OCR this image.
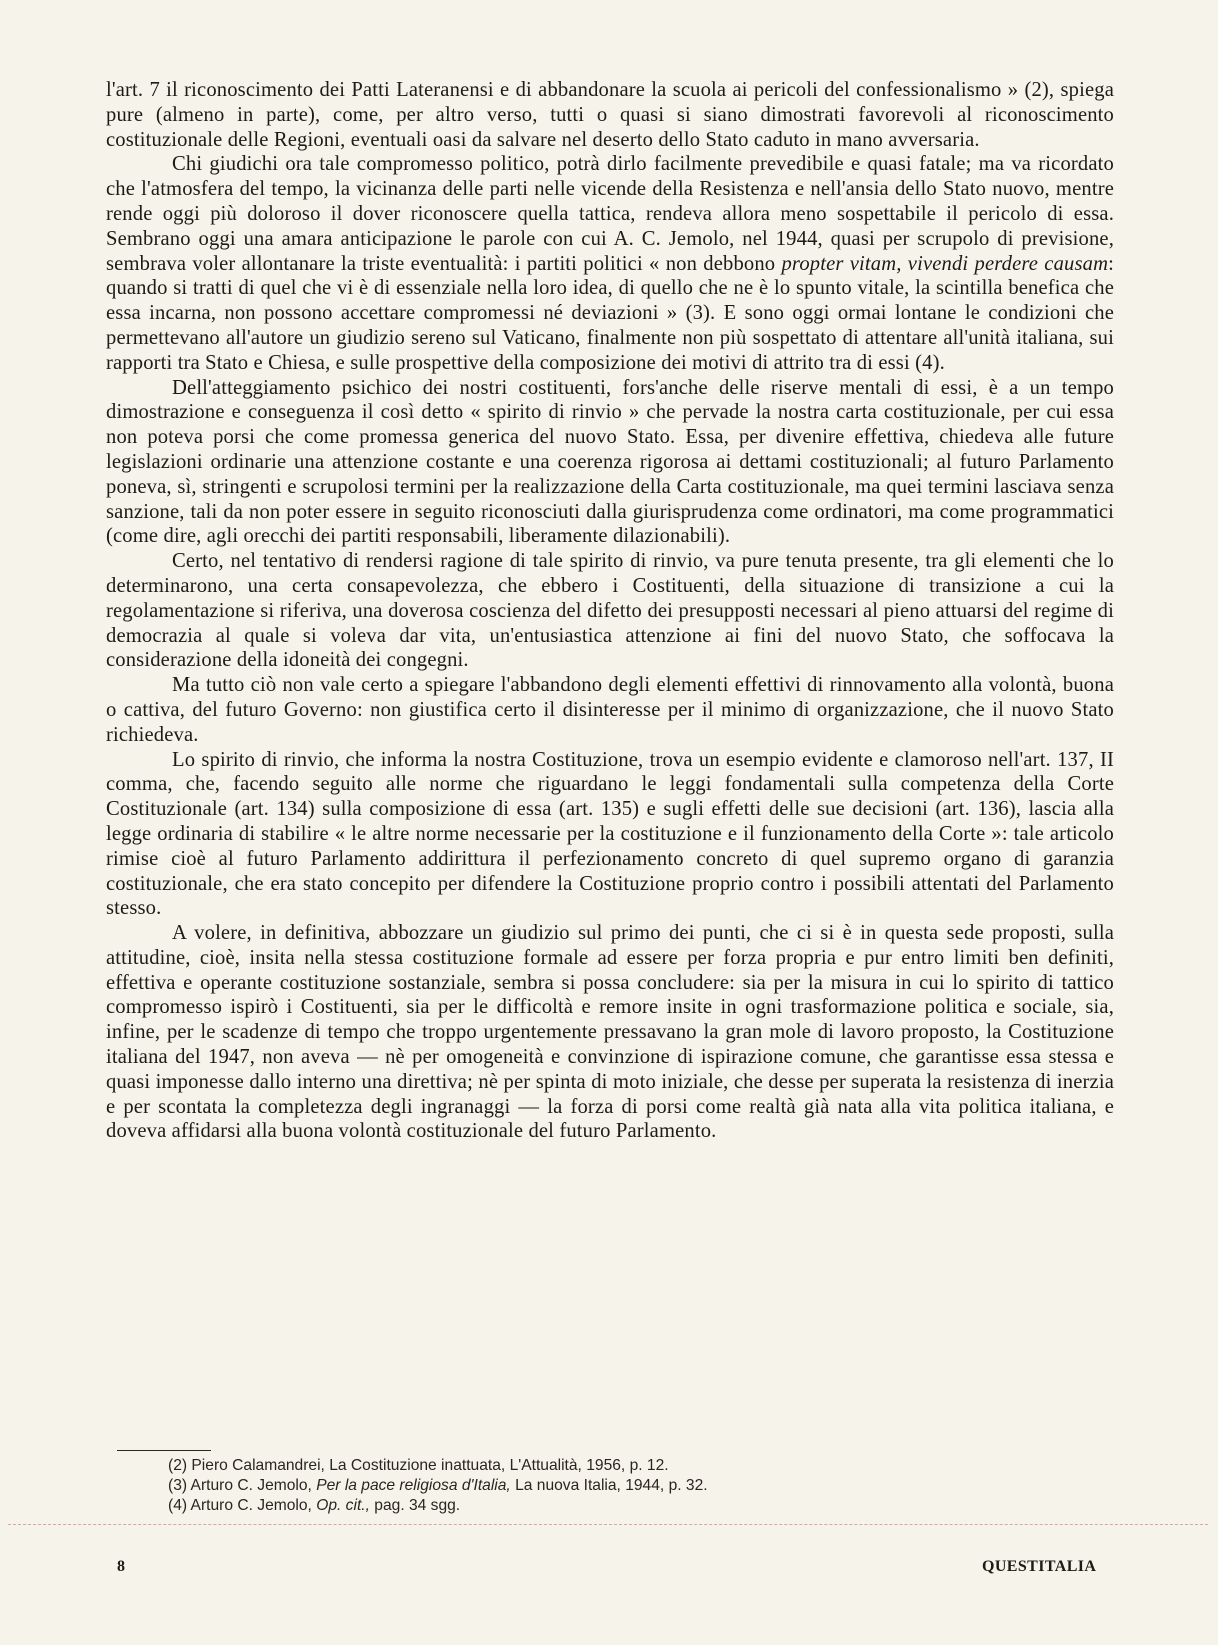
l'art. 7 il riconoscimento dei Patti Lateranensi e di abbandonare la scuola ai pericoli del confessionalismo » (2), spiega pure (almeno in parte), come, per altro verso, tutti o quasi si siano dimostrati favorevoli al riconoscimento costituzionale delle Regioni, eventuali oasi da salvare nel deserto dello Stato caduto in mano avversaria.

Chi giudichi ora tale compromesso politico, potrà dirlo facilmente prevedibile e quasi fatale; ma va ricordato che l'atmosfera del tempo, la vicinanza delle parti nelle vicende della Resistenza e nell'ansia dello Stato nuovo, mentre rende oggi più doloroso il dover riconoscere quella tattica, rendeva allora meno sospettabile il pericolo di essa. Sembrano oggi una amara anticipazione le parole con cui A. C. Jemolo, nel 1944, quasi per scrupolo di previsione, sembrava voler allontanare la triste eventualità: i partiti politici « non debbono propter vitam, vivendi perdere causam: quando si tratti di quel che vi è di essenziale nella loro idea, di quello che ne è lo spunto vitale, la scintilla benefica che essa incarna, non possono accettare compromessi né deviazioni » (3). E sono oggi ormai lontane le condizioni che permettevano all'autore un giudizio sereno sul Vaticano, finalmente non più sospettato di attentare all'unità italiana, sui rapporti tra Stato e Chiesa, e sulle prospettive della composizione dei motivi di attrito tra di essi (4).

Dell'atteggiamento psichico dei nostri costituenti, fors'anche delle riserve mentali di essi, è a un tempo dimostrazione e conseguenza il così detto « spirito di rinvio » che pervade la nostra carta costituzionale, per cui essa non poteva porsi che come promessa generica del nuovo Stato. Essa, per divenire effettiva, chiedeva alle future legislazioni ordinarie una attenzione costante e una coerenza rigorosa ai dettami costituzionali; al futuro Parlamento poneva, sì, stringenti e scrupolosi termini per la realizzazione della Carta costituzionale, ma quei termini lasciava senza sanzione, tali da non poter essere in seguito riconosciuti dalla giurisprudenza come ordinatori, ma come programmatici (come dire, agli orecchi dei partiti responsabili, liberamente dilazionabili).

Certo, nel tentativo di rendersi ragione di tale spirito di rinvio, va pure tenuta presente, tra gli elementi che lo determinarono, una certa consapevolezza, che ebbero i Costituenti, della situazione di transizione a cui la regolamentazione si riferiva, una doverosa coscienza del difetto dei presupposti necessari al pieno attuarsi del regime di democrazia al quale si voleva dar vita, un'entusiastica attenzione ai fini del nuovo Stato, che soffocava la considerazione della idoneità dei congegni.

Ma tutto ciò non vale certo a spiegare l'abbandono degli elementi effettivi di rinnovamento alla volontà, buona o cattiva, del futuro Governo: non giustifica certo il disinteresse per il minimo di organizzazione, che il nuovo Stato richiedeva.

Lo spirito di rinvio, che informa la nostra Costituzione, trova un esempio evidente e clamoroso nell'art. 137, II comma, che, facendo seguito alle norme che riguardano le leggi fondamentali sulla competenza della Corte Costituzionale (art. 134) sulla composizione di essa (art. 135) e sugli effetti delle sue decisioni (art. 136), lascia alla legge ordinaria di stabilire « le altre norme necessarie per la costituzione e il funzionamento della Corte »: tale articolo rimise cioè al futuro Parlamento addirittura il perfezionamento concreto di quel supremo organo di garanzia costituzionale, che era stato concepito per difendere la Costituzione proprio contro i possibili attentati del Parlamento stesso.

A volere, in definitiva, abbozzare un giudizio sul primo dei punti, che ci si è in questa sede proposti, sulla attitudine, cioè, insita nella stessa costituzione formale ad essere per forza propria e pur entro limiti ben definiti, effettiva e operante costituzione sostanziale, sembra si possa concludere: sia per la misura in cui lo spirito di tattico compromesso ispirò i Costituenti, sia per le difficoltà e remore insite in ogni trasformazione politica e sociale, sia, infine, per le scadenze di tempo che troppo urgentemente pressavano la gran mole di lavoro proposto, la Costituzione italiana del 1947, non aveva — nè per omogeneità e convinzione di ispirazione comune, che garantisse essa stessa e quasi imponesse dallo interno una direttiva; nè per spinta di moto iniziale, che desse per superata la resistenza di inerzia e per scontata la completezza degli ingranaggi — la forza di porsi come realtà già nata alla vita politica italiana, e doveva affidarsi alla buona volontà costituzionale del futuro Parlamento.

(2) Piero Calamandrei, La Costituzione inattuata, L'Attualità, 1956, p. 12.
(3) Arturo C. Jemolo, Per la pace religiosa d'Italia, La nuova Italia, 1944, p. 32.
(4) Arturo C. Jemolo, Op. cit., pag. 34 sgg.
8	QUESTITALIA
